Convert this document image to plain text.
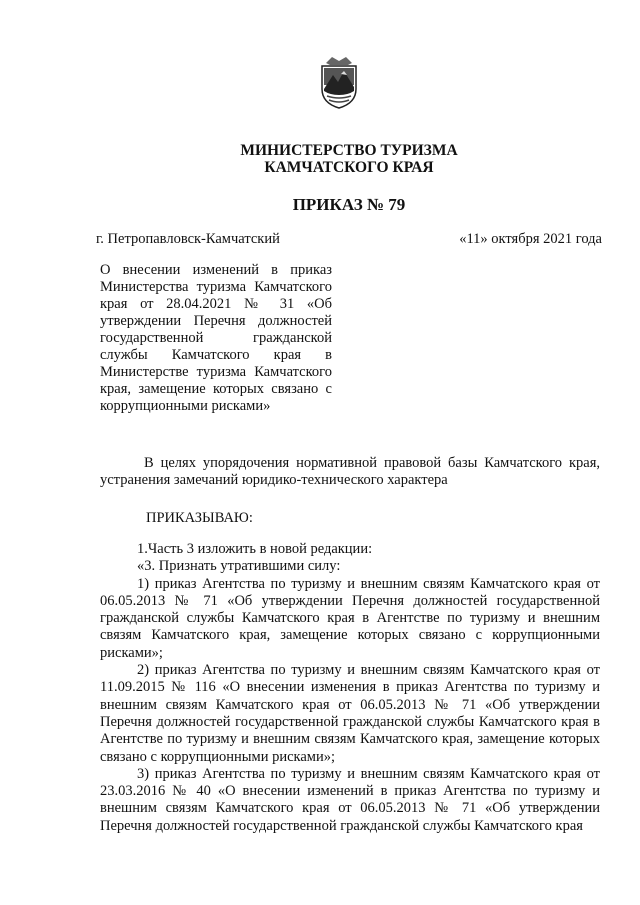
МИНИСТЕРСТВО ТУРИЗМА
КАМЧАТСКОГО КРАЯ
ПРИКАЗ № 79
г. Петропавловск-Камчатский	«11» октября 2021 года
О внесении изменений в приказ Министерства туризма Камчатского края от 28.04.2021 № 31 «Об утверждении Перечня должностей государственной гражданской службы Камчатского края в Министерстве туризма Камчатского края, замещение которых связано с коррупционными рисками»
В целях упорядочения нормативной правовой базы Камчатского края, устранения замечаний юридико-технического характера
ПРИКАЗЫВАЮ:

1.Часть 3 изложить в новой редакции:

«3. Признать утратившими силу:

1) приказ Агентства по туризму и внешним связям Камчатского края от 06.05.2013 № 71 «Об утверждении Перечня должностей государственной гражданской службы Камчатского края в Агентстве по туризму и внешним связям Камчатского края, замещение которых связано с коррупционными рисками»;

2) приказ Агентства по туризму и внешним связям Камчатского края от 11.09.2015 № 116 «О внесении изменения в приказ Агентства по туризму и внешним связям Камчатского края от 06.05.2013 № 71 «Об утверждении Перечня должностей государственной гражданской службы Камчатского края в Агентстве по туризму и внешним связям Камчатского края, замещение которых связано с коррупционными рисками»;

3) приказ Агентства по туризму и внешним связям Камчатского края от 23.03.2016 № 40 «О внесении изменений в приказ Агентства по туризму и внешним связям Камчатского края от 06.05.2013 № 71 «Об утверждении Перечня должностей государственной гражданской службы Камчатского края
